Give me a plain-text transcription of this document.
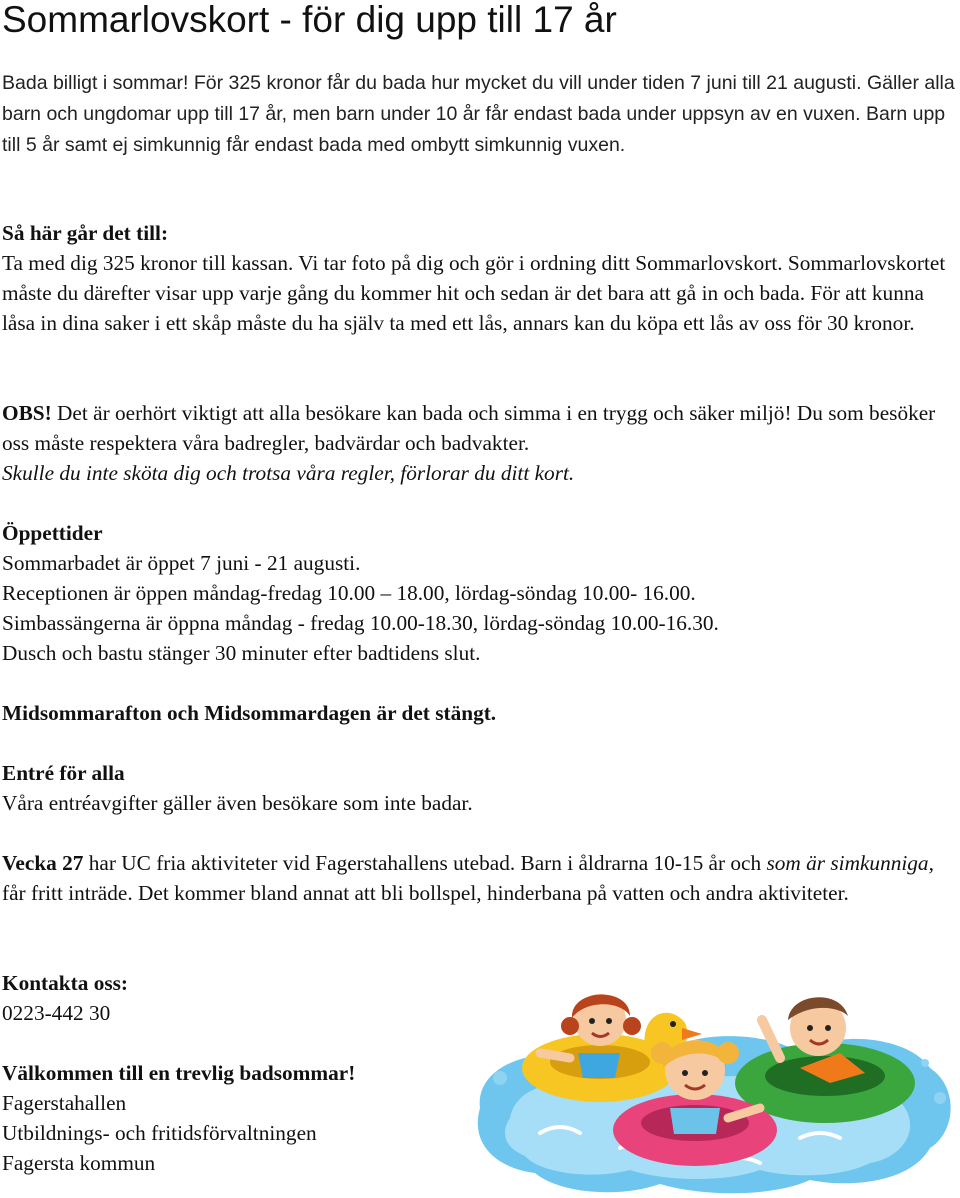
Sommarlovskort - för dig upp till 17 år

Bada billigt i sommar! För 325 kronor får du bada hur mycket du vill under tiden 7 juni till 21 augusti. Gäller alla barn och ungdomar upp till 17 år, men barn under 10 år får endast bada under uppsyn av en vuxen. Barn upp till 5 år samt ej simkunnig får endast bada med ombytt simkunnig vuxen.

Så här går det till:

Ta med dig 325 kronor till kassan. Vi tar foto på dig och gör i ordning ditt Sommarlovskort. Sommarlovskortet måste du därefter visar upp varje gång du kommer hit och sedan är det bara att gå in och bada. För att kunna låsa in dina saker i ett skåp måste du ha själv ta med ett lås, annars kan du köpa ett lås av oss för 30 kronor.

OBS! Det är oerhört viktigt att alla besökare kan bada och simma i en trygg och säker miljö! Du som besöker oss måste respektera våra badregler, badvärdar och badvakter.
Skulle du inte sköta dig och trotsa våra regler, förlorar du ditt kort.

Öppettider
Sommarbadet är öppet 7 juni - 21 augusti.
Receptionen är öppen måndag-fredag 10.00 – 18.00, lördag-söndag 10.00- 16.00.
Simbassängerna är öppna måndag - fredag 10.00-18.30, lördag-söndag 10.00-16.30.
Dusch och bastu stänger 30 minuter efter badtidens slut.
Midsommarafton och Midsommardagen är det stängt.
Entré för alla
Våra entréavgifter gäller även besökare som inte badar.

Vecka 27 har UC fria aktiviteter vid Fagerstahallens utebad. Barn i åldrarna 10-15 år och som är simkunniga, får fritt inträde. Det kommer bland annat att bli bollspel, hinderbana på vatten och andra aktiviteter.

Kontakta oss:
0223-442 30
Välkommen till en trevlig badsommar!
Fagerstahallen
Utbildnings- och fritidsförvaltningen
Fagersta kommun
